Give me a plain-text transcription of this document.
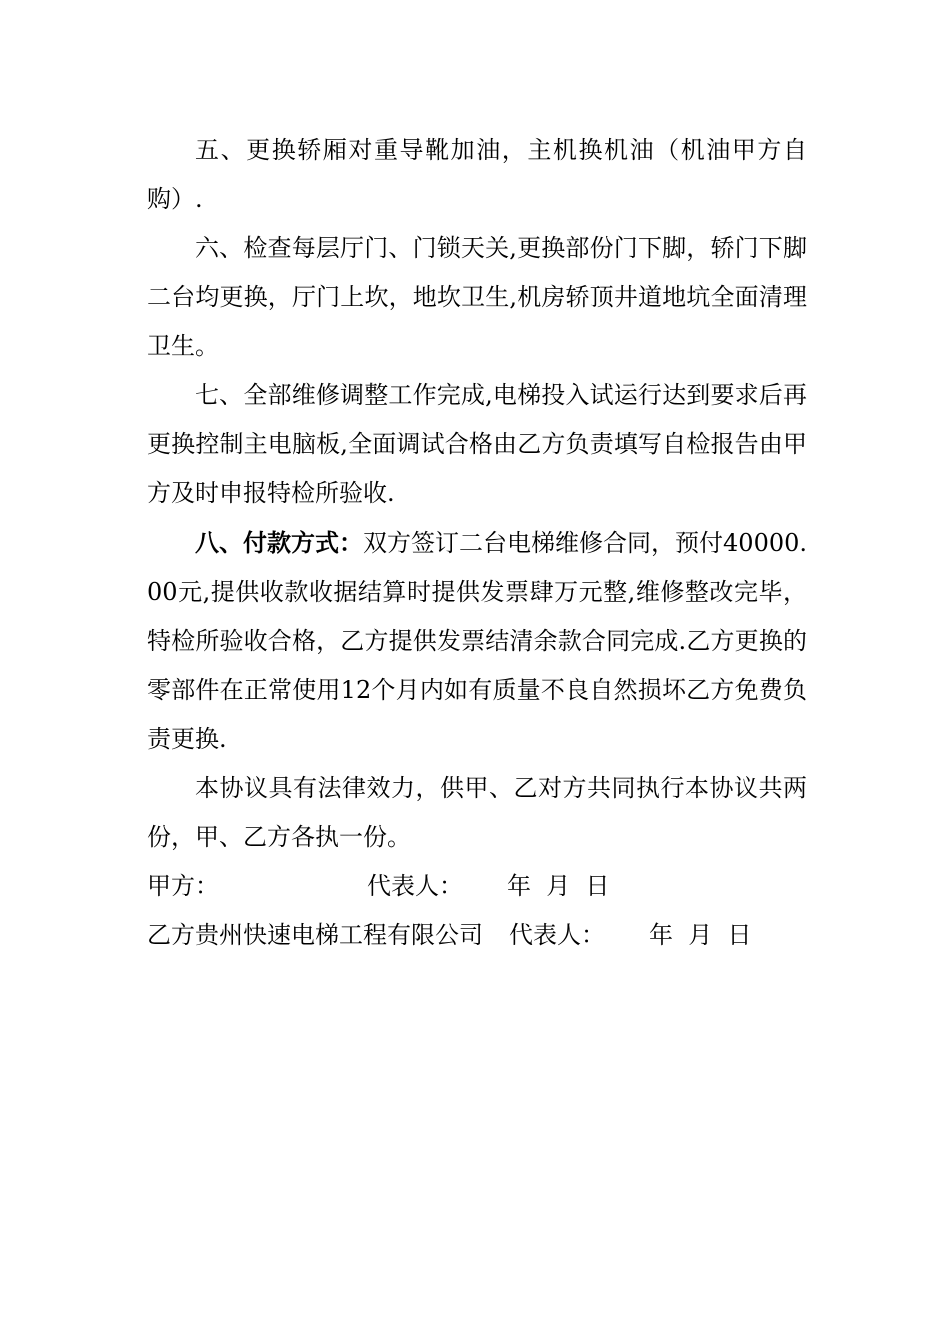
五、更换轿厢对重导靴加油，主机换机油（机油甲方自购）.

六、检查每层厅门、门锁天关,更换部份门下脚，轿门下脚二台均更换，厅门上坎，地坎卫生,机房轿顶井道地坑全面清理卫生。

七、全部维修调整工作完成,电梯投入试运行达到要求后再更换控制主电脑板,全面调试合格由乙方负责填写自检报告由甲方及时申报特检所验收.

八、付款方式：双方签订二台电梯维修合同，预付40000.00元,提供收款收据结算时提供发票肆万元整,维修整改完毕，特检所验收合格，乙方提供发票结清余款合同完成.乙方更换的零部件在正常使用12个月内如有质量不良自然损坏乙方免费负责更换.

本协议具有法律效力，供甲、乙对方共同执行本协议共两份，甲、乙方各执一份。

甲方：	代表人： 年  月  日

乙方贵州快速电梯工程有限公司 代表人： 年  月  日
